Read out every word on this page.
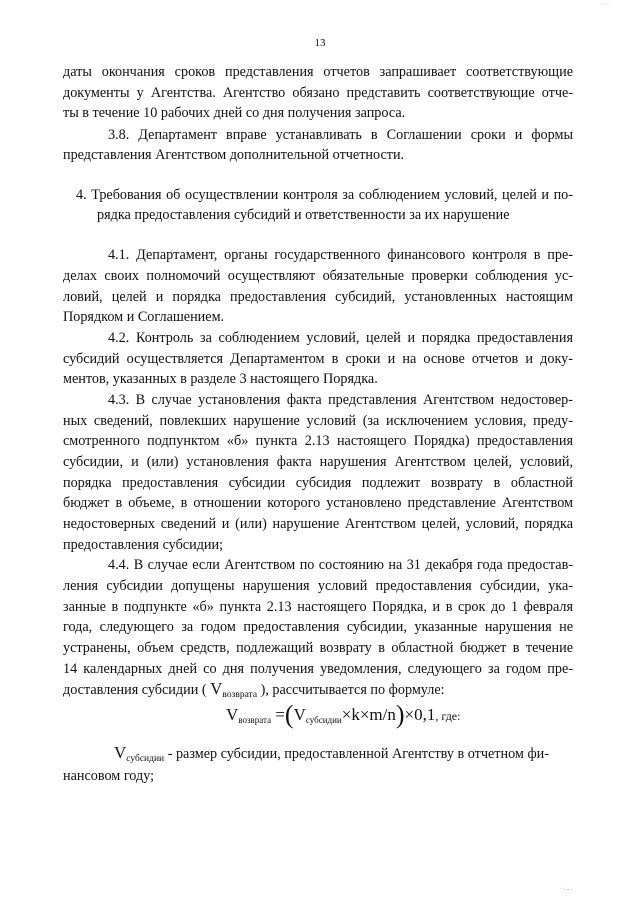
· · ·
13
даты окончания сроков представления отчетов запрашивает соответствующие
документы у Агентства. Агентство обязано представить соответствующие отче-
ты в течение 10 рабочих дней со дня получения запроса.
3.8. Департамент вправе устанавливать в Соглашении сроки и формы
представления Агентством дополнительной отчетности.
4. Требования об осуществлении контроля за соблюдением условий, целей и по-
рядка предоставления субсидий и ответственности за их нарушение
4.1. Департамент, органы государственного финансового контроля в пре-
делах своих полномочий осуществляют обязательные проверки соблюдения ус-
ловий, целей и порядка предоставления субсидий, установленных настоящим
Порядком и Соглашением.
4.2. Контроль за соблюдением условий, целей и порядка предоставления
субсидий осуществляется Департаментом в сроки и на основе отчетов и доку-
ментов, указанных в разделе 3 настоящего Порядка.
4.3. В случае установления факта представления Агентством недостовер-
ных сведений, повлекших нарушение условий (за исключением условия, преду-
смотренного подпунктом «б» пункта 2.13 настоящего Порядка) предоставления
субсидии, и (или) установления факта нарушения Агентством целей, условий,
порядка предоставления субсидии субсидия подлежит возврату в областной
бюджет в объеме, в отношении которого установлено представление Агентством
недостоверных сведений и (или) нарушение Агентством целей, условий, порядка
предоставления субсидии;
4.4. В случае если Агентством по состоянию на 31 декабря года предостав-
ления субсидии допущены нарушения условий предоставления субсидии, ука-
занные в подпункте «б» пункта 2.13 настоящего Порядка, и в срок до 1 февраля
года, следующего за годом предоставления субсидии, указанные нарушения не
устранены, объем средств, подлежащий возврату в областной бюджет в течение
14 календарных дней со дня получения уведомления, следующего за годом пре-
доставления субсидии ( $V_{возврата}$ ), рассчитывается по формуле:
$V_{возврата} =(V_{субсидии}\times k\times m/n)\times 0,1$, где:
$V_{субсидии}$ - размер субсидии, предоставленной Агентству в отчетном фи-
нансовом году;
· . .. .
